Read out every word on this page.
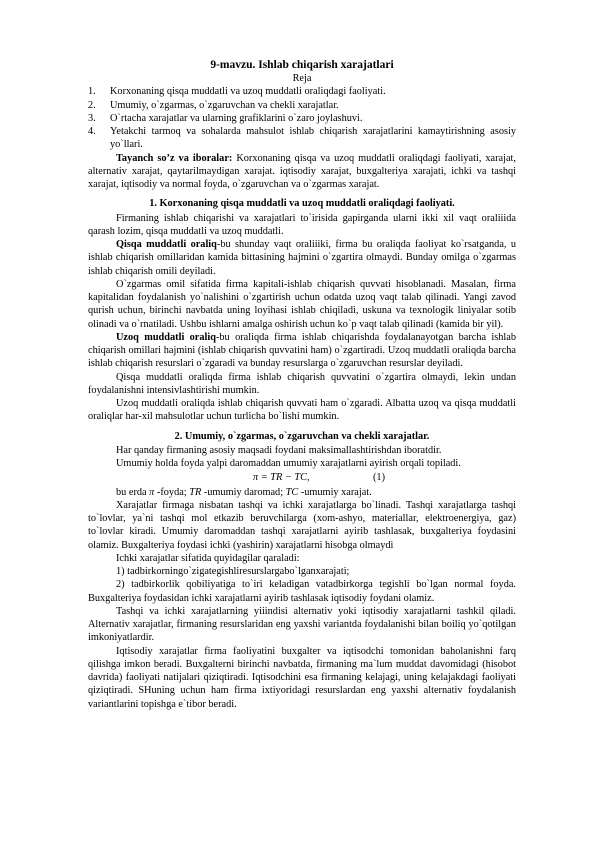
9-mavzu. Ishlab chiqarish xarajatlari
Reja
1.	Korxonaning qisqa muddatli va uzoq muddatli oraliqdagi faoliyati.
2.	Umumiy, o`zgarmas, o`zgaruvchan va chekli xarajatlar.
3.	O`rtacha xarajatlar va ularning grafiklarini o`zaro joylashuvi.
4.	Yetakchi tarmoq va sohalarda mahsulot ishlab chiqarish xarajatlarini kamaytirishning asosiy yo`llari.

Tayanch so’z va iboralar: Korxonaning qisqa va uzoq muddatli oraliqdagi faoliyati, xarajat, alternativ xarajat, qaytarilmaydigan xarajat. iqtisodiy xarajat, buxgalteriya xarajati, ichki va tashqi xarajat, iqtisodiy va normal foyda, o`zgaruvchan va o`zgarmas xarajat.

1. Korxonaning qisqa muddatli va uzoq muddatli oraliqdagi faoliyati.

Firmaning ishlab chiqarishi va xarajatlari to`irisida gapirganda ularni ikki xil vaqt oraliiida qarash lozim, qisqa muddatli va uzoq muddatli.

Qisqa muddatli oraliq-bu shunday vaqt oraliiiki, firma bu oraliqda faoliyat ko`rsatganda, u ishlab chiqarish omillaridan kamida bittasining hajmini o`zgartira olmaydi. Bunday omilga o`zgarmas ishlab chiqarish omili deyiladi.

O`zgarmas omil sifatida firma kapitali-ishlab chiqarish quvvati hisoblanadi. Masalan, firma kapitalidan foydalanish yo`nalishini o`zgartirish uchun odatda uzoq vaqt talab qilinadi. Yangi zavod qurish uchun, birinchi navbatda uning loyihasi ishlab chiqiladi, uskuna va texnologik liniyalar sotib olinadi va o`rnatiladi. Ushbu ishlarni amalga oshirish uchun ko`p vaqt talab qilinadi (kamida bir yil).

Uzoq muddatli oraliq-bu oraliqda firma ishlab chiqarishda foydalanayotgan barcha ishlab chiqarish omillari hajmini (ishlab chiqarish quvvatini ham) o`zgartiradi. Uzoq muddatli oraliqda barcha ishlab chiqarish resurslari o`zgaradi va bunday resurslarga o`zgaruvchan resurslar deyiladi.

Qisqa muddatli oraliqda firma ishlab chiqarish quvvatini o`zgartira olmaydi, lekin undan foydalanishni intensivlashtirishi mumkin.

Uzoq muddatli oraliqda ishlab chiqarish quvvati ham o`zgaradi. Albatta uzoq va qisqa muddatli oraliqlar har-xil mahsulotlar uchun turlicha bo`lishi mumkin.

2. Umumiy, o`zgarmas, o`zgaruvchan va chekli xarajatlar.

Har qanday firmaning asosiy maqsadi foydani maksimallashtirishdan iboratdir.

Umumiy holda foyda yalpi daromaddan umumiy xarajatlarni ayirish orqali topiladi.

π = TR − TC,	(1)

bu erda π -foyda; TR -umumiy daromad; TC -umumiy xarajat.

Xarajatlar firmaga nisbatan tashqi va ichki xarajatlarga bo`linadi. Tashqi xarajatlarga tashqi to`lovlar, ya`ni tashqi mol etkazib beruvchilarga (xom-ashyo, materiallar, elektroenergiya, gaz) to`lovlar kiradi. Umumiy daromaddan tashqi xarajatlarni ayirib tashlasak, buxgalteriya foydasini olamiz. Buxgalteriya foydasi ichki (yashirin) xarajatlarni hisobga olmaydi

Ichki xarajatlar sifatida quyidagilar qaraladi:

1) tadbirkorningo`zigategishliresurslargabo`lganxarajati;

2) tadbirkorlik qobiliyatiga to`iri keladigan vatadbirkorga tegishli bo`lgan normal foyda. Buxgalteriya foydasidan ichki xarajatlarni ayirib tashlasak iqtisodiy foydani olamiz.

Tashqi va ichki xarajatlarning yiiindisi alternativ yoki iqtisodiy xarajatlarni tashkil qiladi. Alternativ xarajatlar, firmaning resurslaridan eng yaxshi variantda foydalanishi bilan boiliq yo`qotilgan imkoniyatlardir.

Iqtisodiy xarajatlar firma faoliyatini buxgalter va iqtisodchi tomonidan baholanishni farq qilishga imkon beradi. Buxgalterni birinchi navbatda, firmaning ma`lum muddat davomidagi (hisobot davrida) faoliyati natijalari qiziqtiradi. Iqtisodchini esa firmaning kelajagi, uning kelajakdagi faoliyati qiziqtiradi. SHuning uchun ham firma ixtiyoridagi resurslardan eng yaxshi alternativ foydalanish variantlarini topishga e`tibor beradi.
